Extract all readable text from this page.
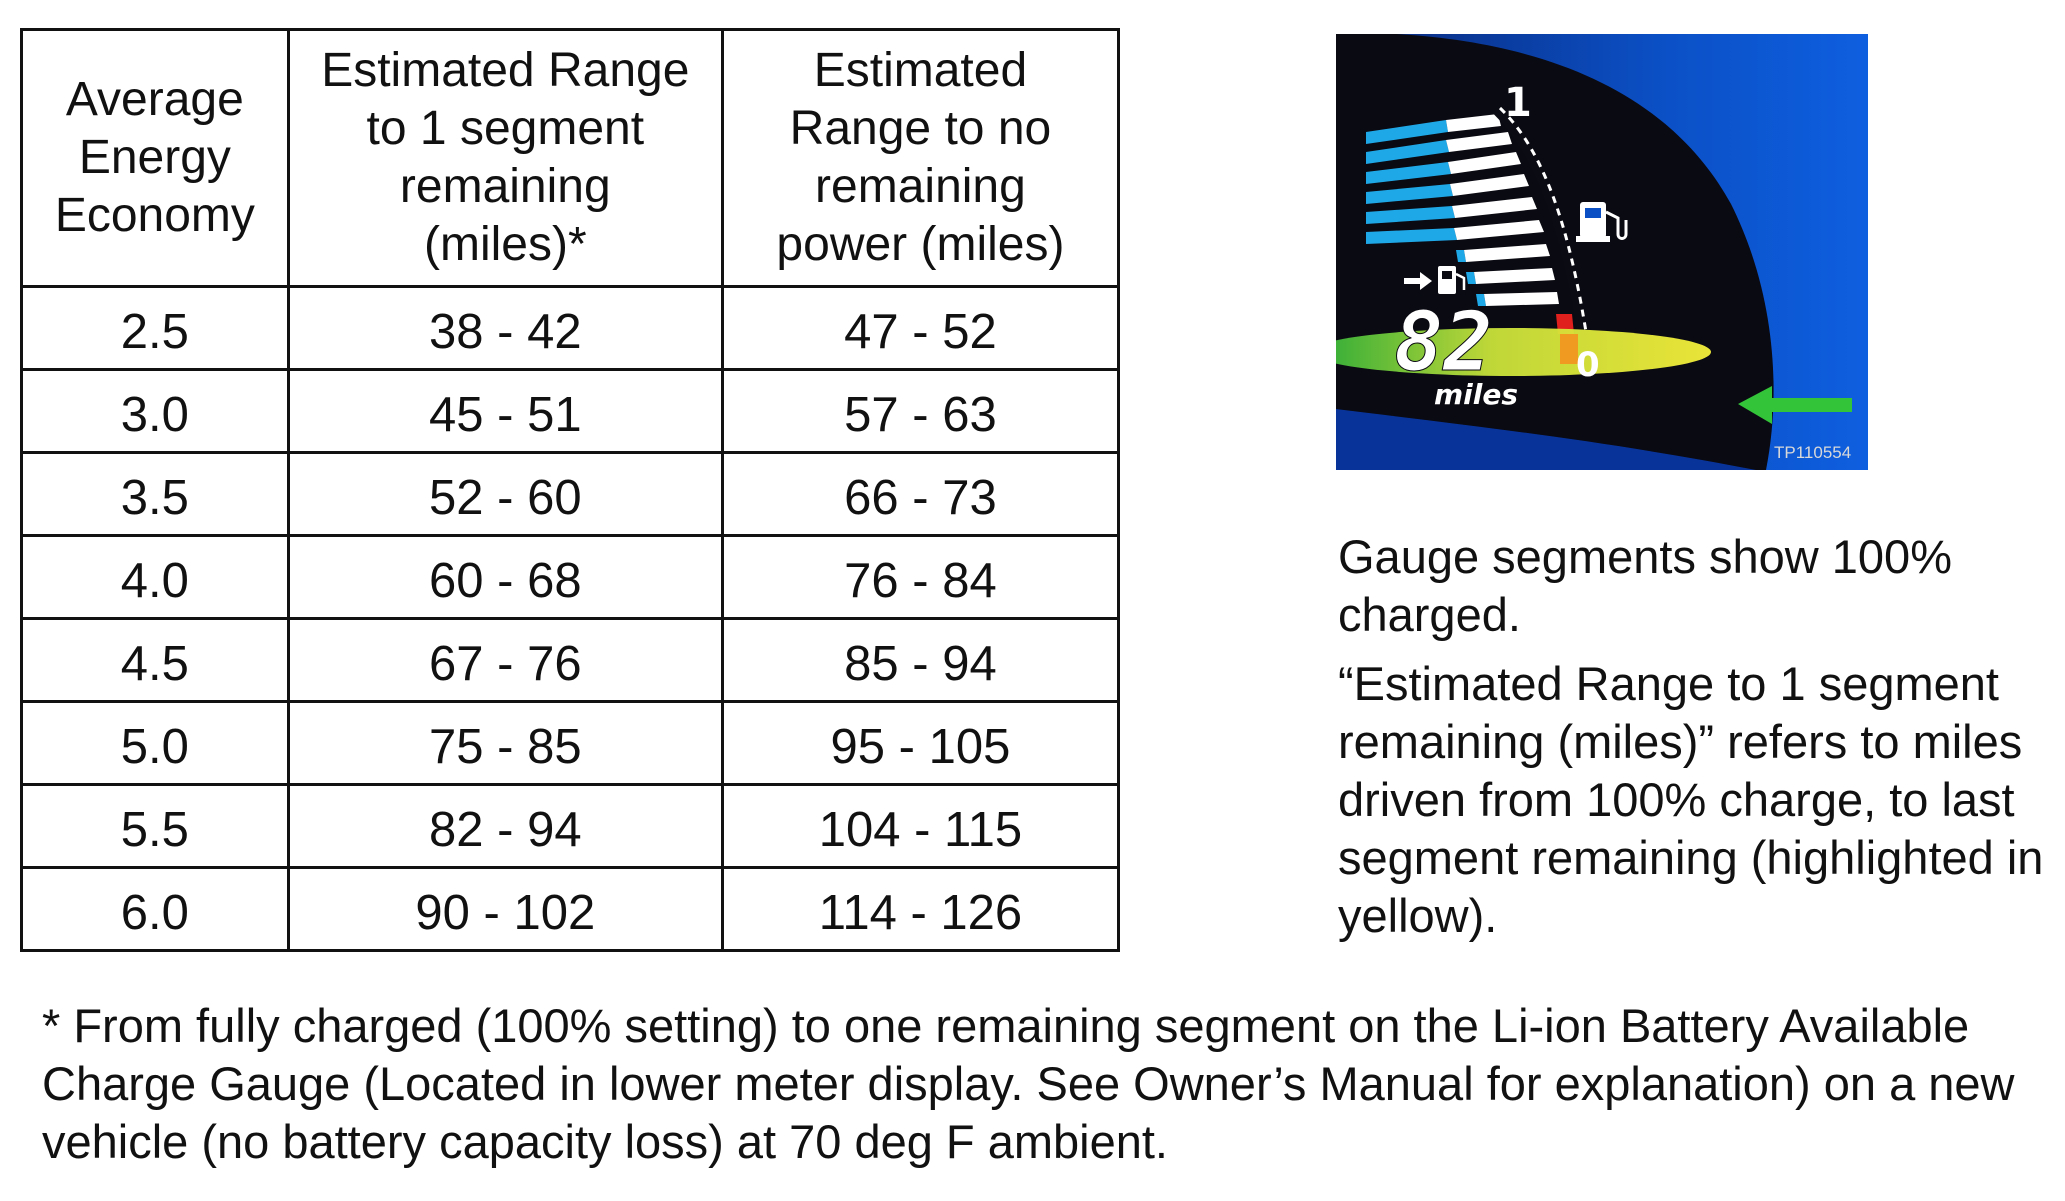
Average
Energy
Economy	Estimated Range
to 1 segment
remaining
(miles)*	Estimated
Range to no
remaining
power (miles)
2.5	38 - 42	47 - 52
3.0	45 - 51	57 - 63
3.5	52 - 60	66 - 73
4.0	60 - 68	76 - 84
4.5	67 - 76	85 - 94
5.0	75 - 85	95 - 105
5.5	82 - 94	104 - 115
6.0	90 - 102	114 - 126
1
0
82
miles
TP110554
Gauge segments show 100% charged.
“Estimated Range to 1 segment remaining (miles)” refers to miles driven from 100% charge, to last segment remaining (highlighted in yellow).
* From fully charged (100% setting) to one remaining segment on the Li-ion Battery Available Charge Gauge (Located in lower meter display. See Owner’s Manual for explanation) on a new vehicle (no battery capacity loss) at 70 deg F ambient.
